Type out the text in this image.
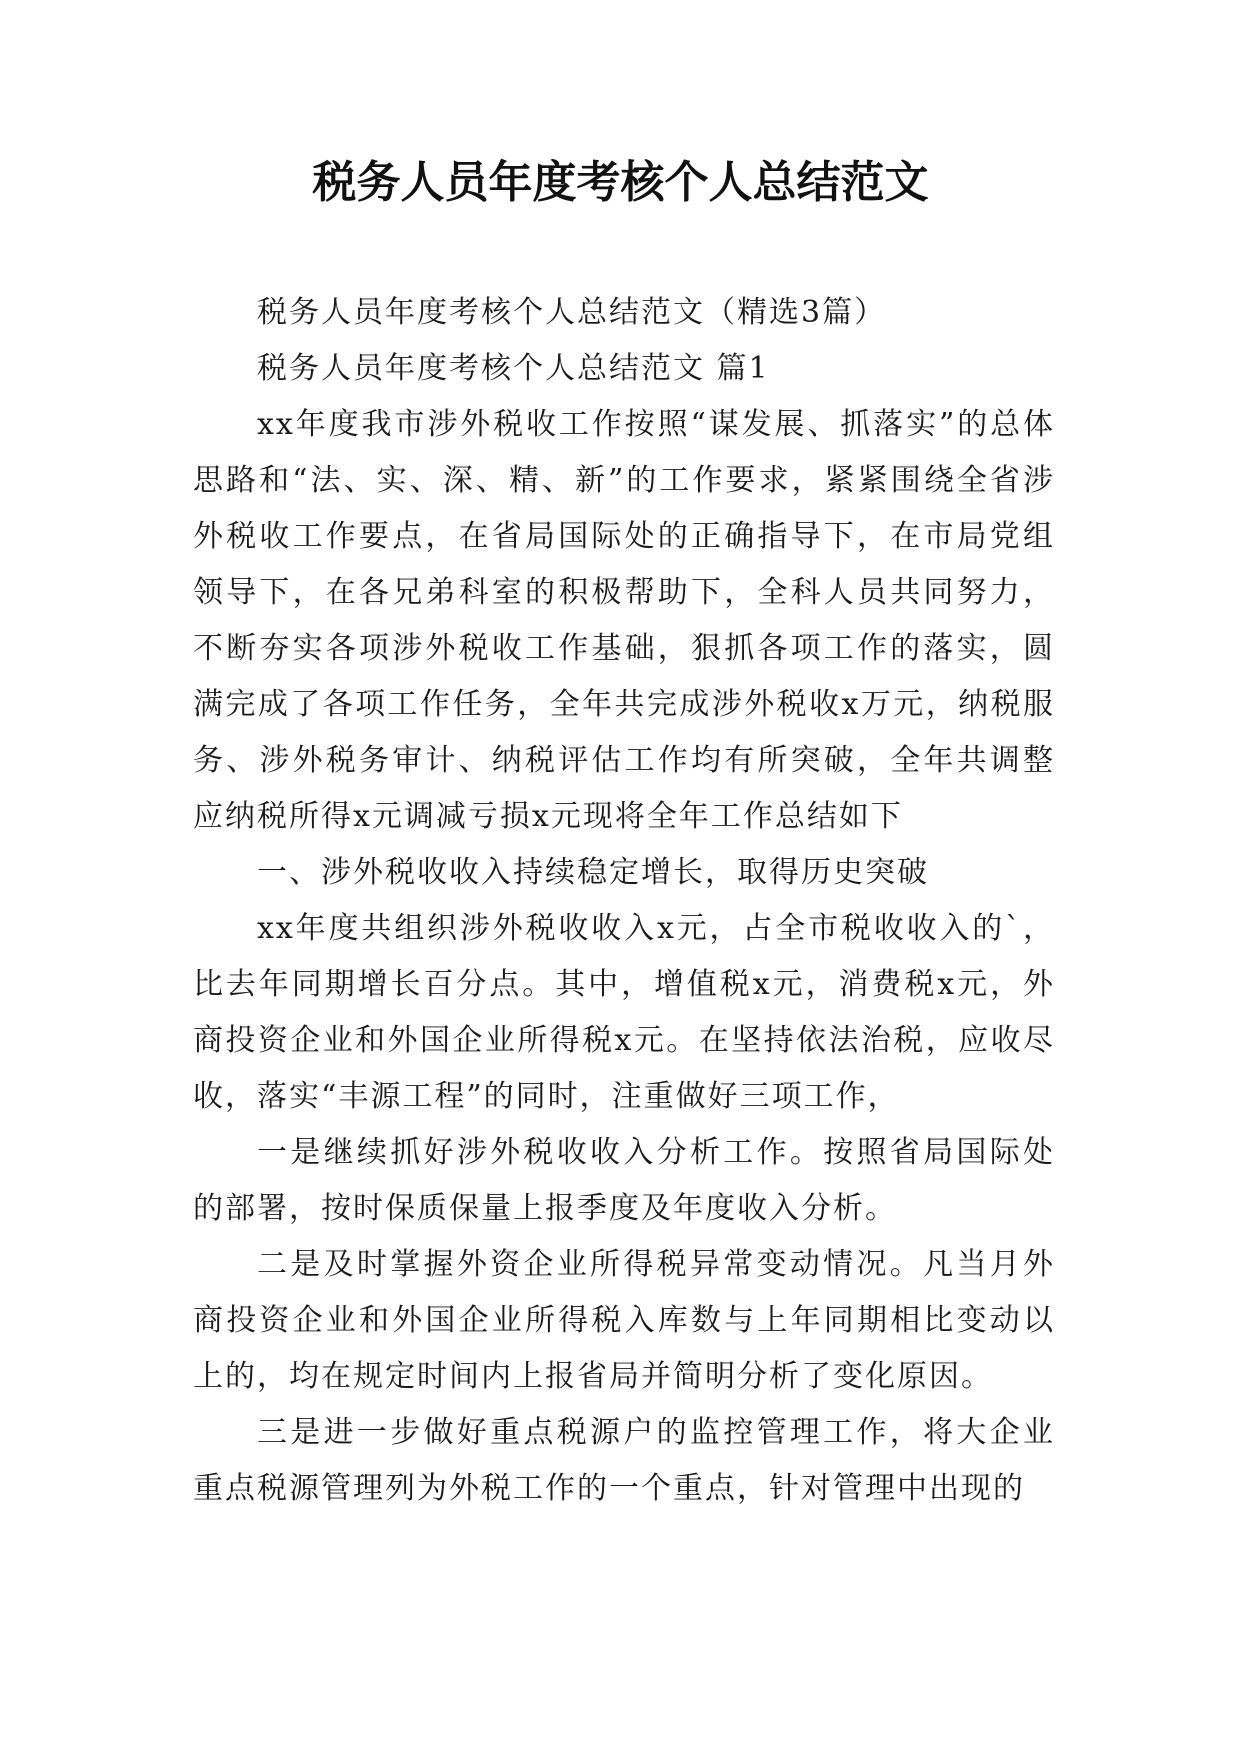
税务人员年度考核个人总结范文

税务人员年度考核个人总结范文（精选3篇）

税务人员年度考核个人总结范文 篇1

xx年度我市涉外税收工作按照“谋发展、抓落实”的总体思路和“法、实、深、精、新”的工作要求，紧紧围绕全省涉外税收工作要点，在省局国际处的正确指导下，在市局党组领导下，在各兄弟科室的积极帮助下，全科人员共同努力，不断夯实各项涉外税收工作基础，狠抓各项工作的落实，圆满完成了各项工作任务，全年共完成涉外税收x万元，纳税服务、涉外税务审计、纳税评估工作均有所突破，全年共调整应纳税所得x元调减亏损x元现将全年工作总结如下

一、涉外税收收入持续稳定增长，取得历史突破

xx年度共组织涉外税收收入x元，占全市税收收入的`，比去年同期增长百分点。其中，增值税x元，消费税x元，外商投资企业和外国企业所得税x元。在坚持依法治税，应收尽收，落实“丰源工程”的同时，注重做好三项工作，

一是继续抓好涉外税收收入分析工作。按照省局国际处的部署，按时保质保量上报季度及年度收入分析。

二是及时掌握外资企业所得税异常变动情况。凡当月外商投资企业和外国企业所得税入库数与上年同期相比变动以上的，均在规定时间内上报省局并简明分析了变化原因。

三是进一步做好重点税源户的监控管理工作，将大企业重点税源管理列为外税工作的一个重点，针对管理中出现的
